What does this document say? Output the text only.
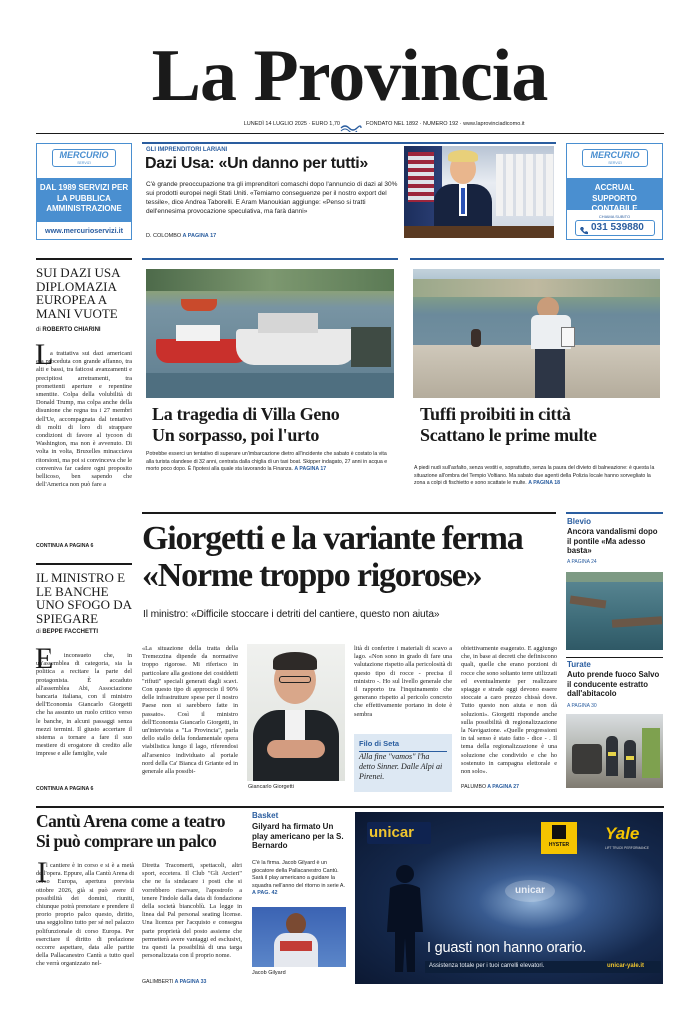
La Provincia
LUNEDÌ 14 LUGLIO 2025 · EURO 1,70	FONDATO NEL 1892 · NUMERO 192 · www.laprovinciadicomo.it
MERCURIO
SERVIZI
DAL 1989 SERVIZI PER LA PUBBLICA AMMINISTRAZIONE
www.mercurioservizi.it
MERCURIO
SERVIZI
ACCRUAL SUPPORTO CONTABILE
CHIAMA SUBITO
031 539880
GLI IMPRENDITORI LARIANI
Dazi Usa: «Un danno per tutti»
C'è grande preoccupazione tra gli imprenditori comaschi dopo l'annuncio di dazi al 30% sui prodotti europei negli Stati Uniti. «Temiamo conseguenze per il nostro export del tessile», dice Andrea Taborelli. E Aram Manoukian aggiunge: «Penso si tratti dell'ennesima provocazione speculativa, ma farà danni»
D. COLOMBO A PAGINA 17
SUI DAZI USA DIPLOMAZIA EUROPEA A MANI VUOTE
di ROBERTO CHIARINI
L
a trattativa sui dazi americani era proceduta con grande affanno, tra alti e bassi, tra faticosi avanzamenti e precipitosi arretramenti, tra promettenti aperture e repentine smentite. Colpa della volubilità di Donald Trump, ma colpa anche della disunione che regna tra i 27 membri dell'Ue, accompagnata dal tentativo di molti di loro di strappare condizioni di favore al tycoon di Washington, ma non è avvenuto. Di volta in volta, Bruxelles minacciava ritorsioni, ma poi si convinceva che le conveniva far cadere ogni proposito bellicoso, ben sapendo che dell'America non può fare a
CONTINUA A PAGINA 6
IL MINISTRO E LE BANCHE UNO SFOGO DA SPIEGARE
di BEPPE FACCHETTI
E
' inconsueto che, in un'assemblea di categoria, sia la politica a recitare la parte del protagonista. È accaduto all'assemblea Abi, Associazione bancaria italiana, con il ministro dell'Economia Giancarlo Giorgetti che ha assunto un ruolo critico verso le banche, in alcuni passaggi senza mezzi termini. Il giusto accertare il sistema a tornare a fare il suo mestiere di erogatore di credito alle imprese e alle famiglie, vale
CONTINUA A PAGINA 6
La tragedia di Villa Geno
Un sorpasso, poi l'urto
Potrebbe esserci un tentativo di superare un'imbarcazione dietro all'incidente che sabato è costato la vita alla turista olandese di 32 anni, centrata dalla chiglia di un taxi boat. Skipper indagato, 27 anni in acqua e morto poco dopo. È l'ipotesi alla quale sta lavorando la Finanza. A PAGINA 17
Tuffi proibiti in città
Scattano le prime multe
A piedi nudi sull'asfalto, senza vestiti e, soprattutto, senza la paura del divieto di balneazione: è questa la situazione all'ombra del Tempio Voltiano. Ma sabato due agenti della Polizia locale hanno sorvegliato la zona a colpi di fischietto e sono scattate le multe. A PAGINA 18
Giorgetti e la variante ferma
«Norme troppo rigorose»
Il ministro: «Difficile stoccare i detriti del cantiere, questo non aiuta»
«La situazione della tratta della Tremezzina dipende da normative troppo rigorose. Mi riferisco in particolare alla gestione dei cosiddetti "rifiuti" speciali generati dagli scavi. Con questo tipo di approccio il 90% delle infrastrutture spese per il nostro Paese non si sarebbero fatte in passato». Così il ministro dell'Economia Giancarlo Giorgetti, in un'intervista a "La Provincia", parla dello stallo della fondamentale opera viabilistica lungo il lago, riferendosi all'arsenico individuato al portale nord della Ca' Bianca di Griante ed in generale alla possibi-
Giancarlo Giorgetti
lità di conferire i materiali di scavo a lago. «Non sono in grado di fare una valutazione rispetto alla pericolosità di questo tipo di rocce - precisa il ministro -. Ho sul livello generale che il rapporto tra l'inquinamento che generano rispetto al pericolo concreto che effettivamente portano in dote è sembra
Filo di Seta
Alla fine "vamos" l'ha detto Sinner. Dalle Alpi ai Pirenei.
obiettivamente esagerato. E aggiungo che, in base ai decreti che definiscono quali, quelle che erano porzioni di rocce che sono soltanto terre utilizzati ed eventualmente per realizzare spiagge e strade oggi devono essere stoccate a caro prezzo chissà dove. Tutto questo non aiuta e non dà soluzioni». Giorgetti risponde anche sulla possibilità di regionalizzazione la Navigazione. «Quelle progressioni in tal senso è stato fatto - dice - . Il tema della regionalizzazione è una soluzione che condivido e che ho sostenuto in campagna elettorale e non solo».
PALUMBO A PAGINA 27
Blevio
Ancora vandalismi dopo il pontile «Ma adesso basta»
A PAGINA 24
Turate
Auto prende fuoco Salvo il conducente estratto dall'abitacolo
A PAGINA 30
Cantù Arena come a teatro
Si può comprare un palco
I l cantiere è in corso e si è a metà dell'opera. Eppure, alla Cantù Arena di corso Europa, apertura prevista ottobre 2026, già si può avere il possibilità dei domini, riuniti, chiunque potrà prenotare e prendere il prorio proprio palco questo, diritto, una seggiolino tutto per sé nel palazzo polifunzionale di corso Europa. Per esercitare il diritto di prelazione occorre aspettare, data alle partite della Pallacanestro Cantù a tutto quel che verrà organizzato nel-
Diretta Tracomerti, spettacoli, altri sport, eccetera. Il Club "Gli Arcieri" che ne fa sindacare i posti che si vorrebbero riservare, l'apostrofo a tenere l'indole dalla data di fondazione della società biancoblù. La legge in linea dal Pal personal seating license. Una licenza per l'acquisto e consegna parte proprietà del posto assieme che permetterà avere vantaggi ed esclusivi, tra questi la possibilità di una targa personalizzata con il proprio nome.
GALIMBERTI A PAGINA 33
Basket
Gilyard ha firmato Un play americano per la S. Bernardo
C'è la firma. Jacob Gilyard è un giocatore della Pallacanestro Cantù. Sarà il play americano a guidare la squadra nell'anno del ritorno in serie A. A PAG. 42
Jacob Gilyard
unicar
HYSTER
Yale
LIFT TRUCK PERFORMANCE
unicar
I guasti non hanno orario.
Assistenza totale per i tuoi carrelli elevatori.	unicar-yale.it
